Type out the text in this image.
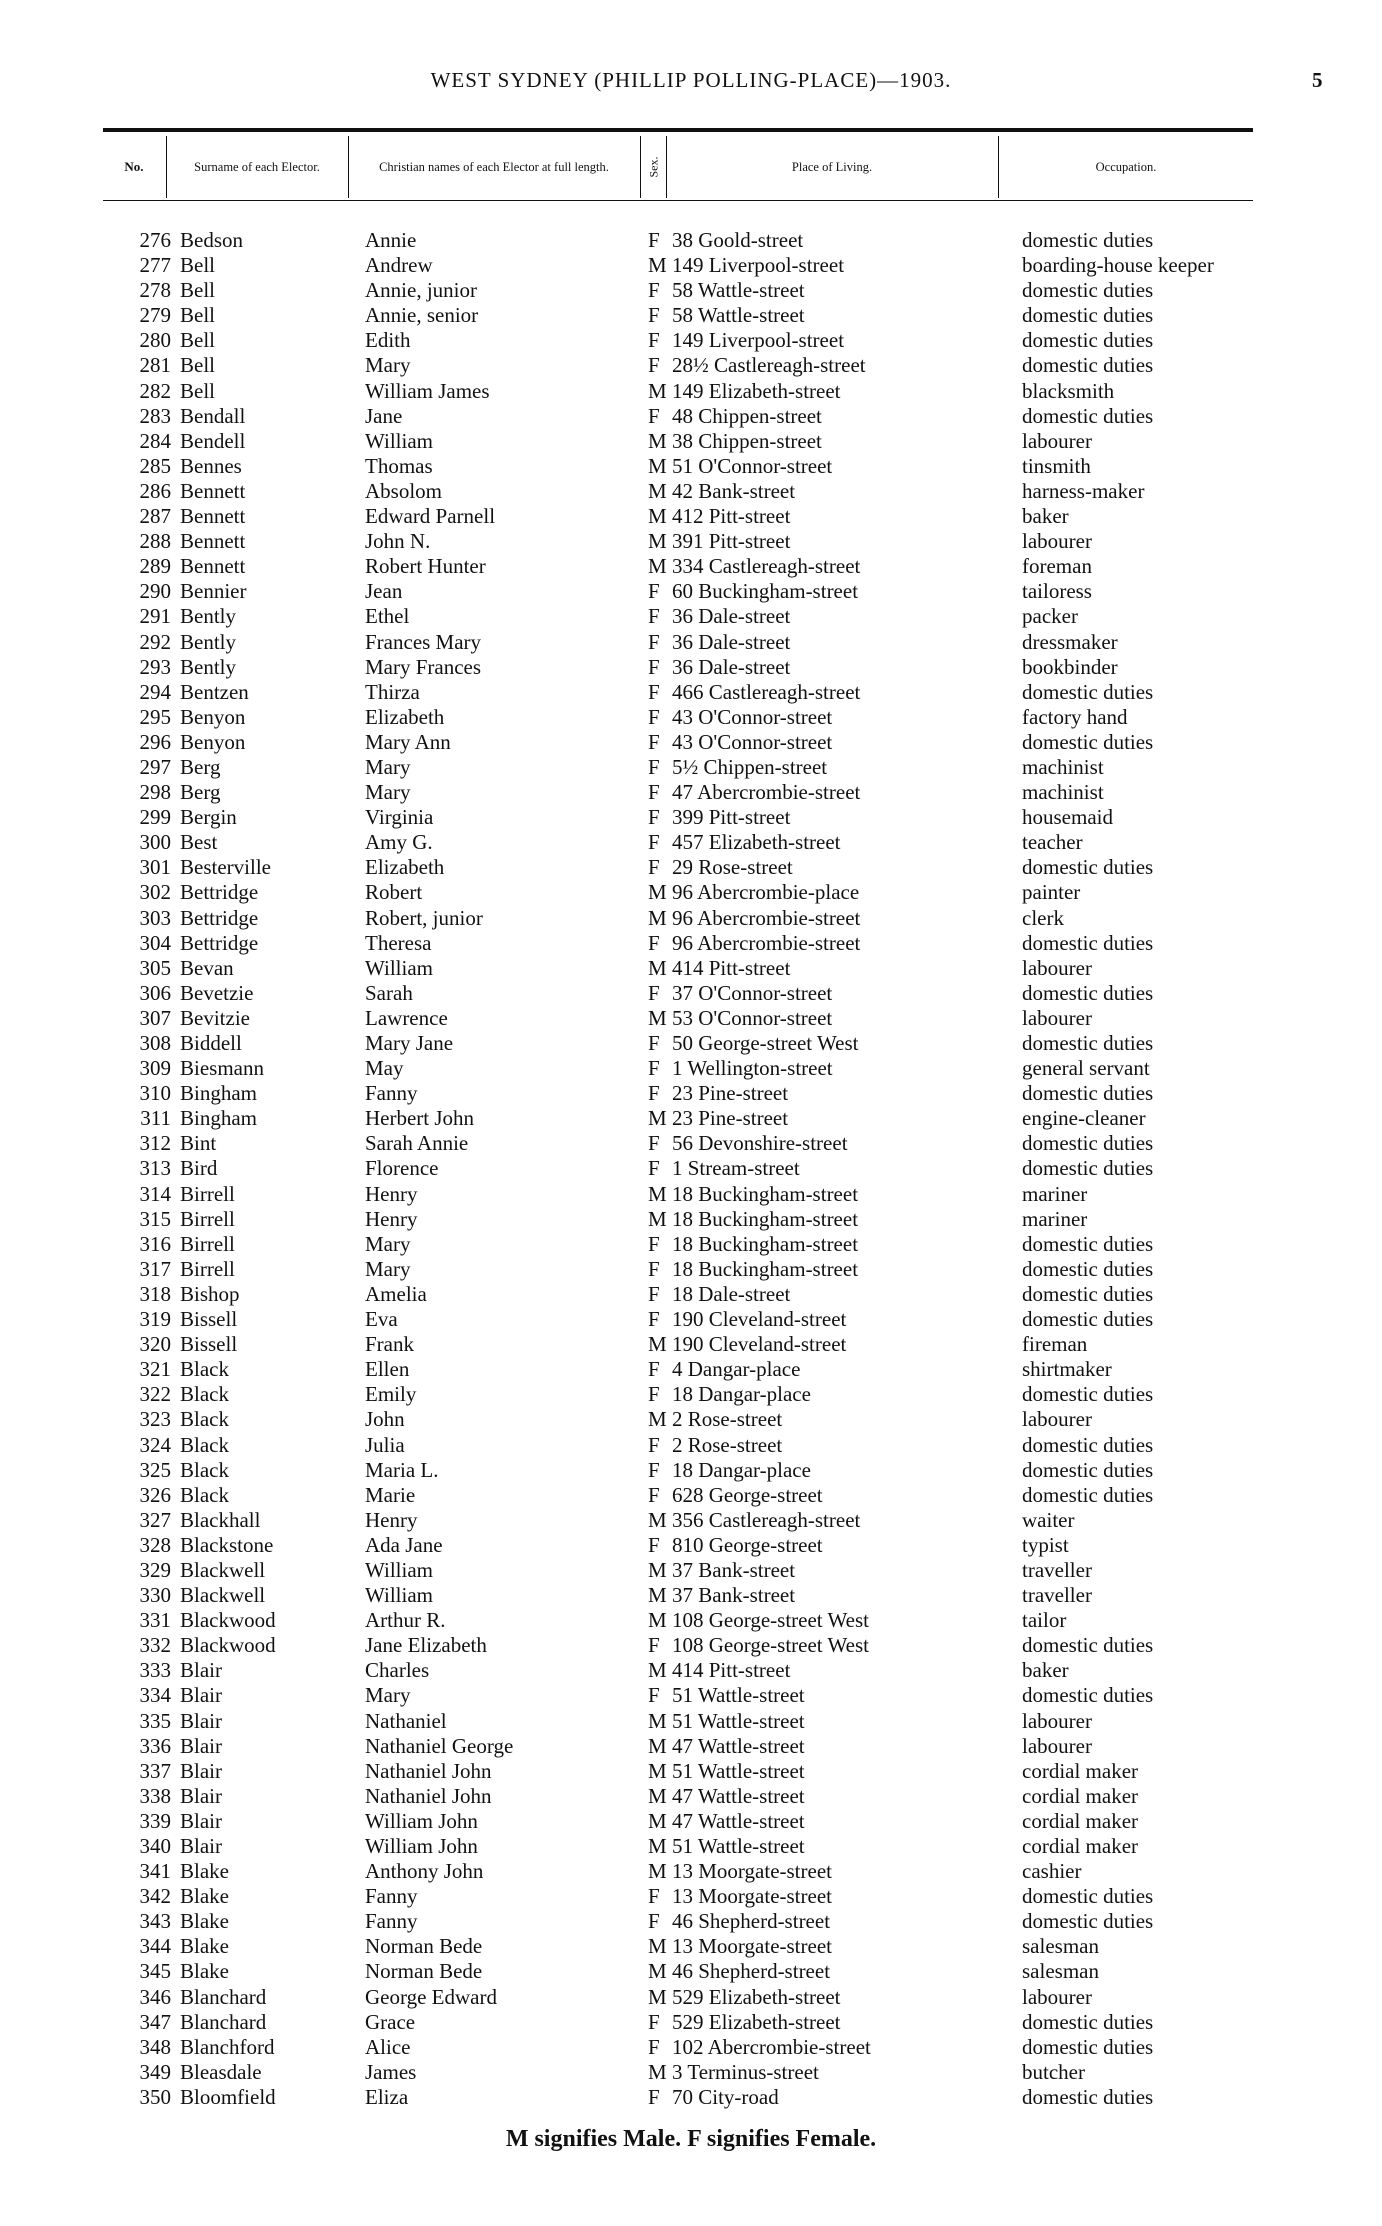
WEST SYDNEY (PHILLIP POLLING-PLACE)—1903.	5
No.	Surname of each Elector.	Christian names of each Elector at full length.	Sex.	Place of Living.	Occupation.
276 Bedson	Annie	F 38 Goold-street	domestic duties
277 Bell	Andrew	M 149 Liverpool-street	boarding-house keeper
278 Bell	Annie, junior	F 58 Wattle-street	domestic duties
279 Bell	Annie, senior	F 58 Wattle-street	domestic duties
280 Bell	Edith	F 149 Liverpool-street	domestic duties
281 Bell	Mary	F 28½ Castlereagh-street	domestic duties
282 Bell	William James	M 149 Elizabeth-street	blacksmith
283 Bendall	Jane	F 48 Chippen-street	domestic duties
284 Bendell	William	M 38 Chippen-street	labourer
285 Bennes	Thomas	M 51 O'Connor-street	tinsmith
286 Bennett	Absolom	M 42 Bank-street	harness-maker
287 Bennett	Edward Parnell	M 412 Pitt-street	baker
288 Bennett	John N.	M 391 Pitt-street	labourer
289 Bennett	Robert Hunter	M 334 Castlereagh-street	foreman
290 Bennier	Jean	F 60 Buckingham-street	tailoress
291 Bently	Ethel	F 36 Dale-street	packer
292 Bently	Frances Mary	F 36 Dale-street	dressmaker
293 Bently	Mary Frances	F 36 Dale-street	bookbinder
294 Bentzen	Thirza	F 466 Castlereagh-street	domestic duties
295 Benyon	Elizabeth	F 43 O'Connor-street	factory hand
296 Benyon	Mary Ann	F 43 O'Connor-street	domestic duties
297 Berg	Mary	F 5½ Chippen-street	machinist
298 Berg	Mary	F 47 Abercrombie-street	machinist
299 Bergin	Virginia	F 399 Pitt-street	housemaid
300 Best	Amy G.	F 457 Elizabeth-street	teacher
301 Besterville	Elizabeth	F 29 Rose-street	domestic duties
302 Bettridge	Robert	M 96 Abercrombie-place	painter
303 Bettridge	Robert, junior	M 96 Abercrombie-street	clerk
304 Bettridge	Theresa	F 96 Abercrombie-street	domestic duties
305 Bevan	William	M 414 Pitt-street	labourer
306 Bevetzie	Sarah	F 37 O'Connor-street	domestic duties
307 Bevitzie	Lawrence	M 53 O'Connor-street	labourer
308 Biddell	Mary Jane	F 50 George-street West	domestic duties
309 Biesmann	May	F 1 Wellington-street	general servant
310 Bingham	Fanny	F 23 Pine-street	domestic duties
311 Bingham	Herbert John	M 23 Pine-street	engine-cleaner
312 Bint	Sarah Annie	F 56 Devonshire-street	domestic duties
313 Bird	Florence	F 1 Stream-street	domestic duties
314 Birrell	Henry	M 18 Buckingham-street	mariner
315 Birrell	Henry	M 18 Buckingham-street	mariner
316 Birrell	Mary	F 18 Buckingham-street	domestic duties
317 Birrell	Mary	F 18 Buckingham-street	domestic duties
318 Bishop	Amelia	F 18 Dale-street	domestic duties
319 Bissell	Eva	F 190 Cleveland-street	domestic duties
320 Bissell	Frank	M 190 Cleveland-street	fireman
321 Black	Ellen	F 4 Dangar-place	shirtmaker
322 Black	Emily	F 18 Dangar-place	domestic duties
323 Black	John	M 2 Rose-street	labourer
324 Black	Julia	F 2 Rose-street	domestic duties
325 Black	Maria L.	F 18 Dangar-place	domestic duties
326 Black	Marie	F 628 George-street	domestic duties
327 Blackhall	Henry	M 356 Castlereagh-street	waiter
328 Blackstone	Ada Jane	F 810 George-street	typist
329 Blackwell	William	M 37 Bank-street	traveller
330 Blackwell	William	M 37 Bank-street	traveller
331 Blackwood	Arthur R.	M 108 George-street West	tailor
332 Blackwood	Jane Elizabeth	F 108 George-street West	domestic duties
333 Blair	Charles	M 414 Pitt-street	baker
334 Blair	Mary	F 51 Wattle-street	domestic duties
335 Blair	Nathaniel	M 51 Wattle-street	labourer
336 Blair	Nathaniel George	M 47 Wattle-street	labourer
337 Blair	Nathaniel John	M 51 Wattle-street	cordial maker
338 Blair	Nathaniel John	M 47 Wattle-street	cordial maker
339 Blair	William John	M 47 Wattle-street	cordial maker
340 Blair	William John	M 51 Wattle-street	cordial maker
341 Blake	Anthony John	M 13 Moorgate-street	cashier
342 Blake	Fanny	F 13 Moorgate-street	domestic duties
343 Blake	Fanny	F 46 Shepherd-street	domestic duties
344 Blake	Norman Bede	M 13 Moorgate-street	salesman
345 Blake	Norman Bede	M 46 Shepherd-street	salesman
346 Blanchard	George Edward	M 529 Elizabeth-street	labourer
347 Blanchard	Grace	F 529 Elizabeth-street	domestic duties
348 Blanchford	Alice	F 102 Abercrombie-street	domestic duties
349 Bleasdale	James	M 3 Terminus-street	butcher
350 Bloomfield	Eliza	F 70 City-road	domestic duties
M signifies Male. F signifies Female.
